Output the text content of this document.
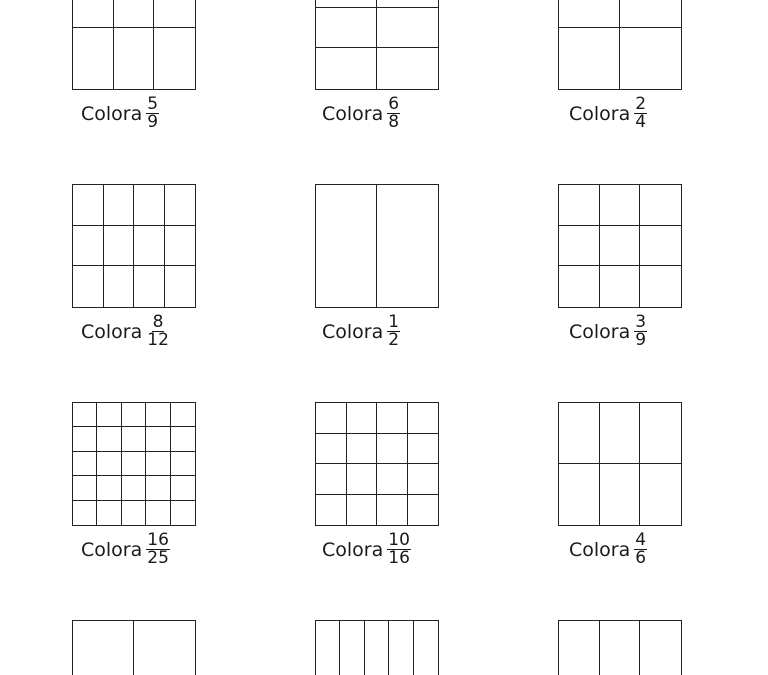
Colora $\frac{5}{9}$	Colora $\frac{6}{8}$	Colora $\frac{2}{4}$
Colora $\frac{8}{12}$	Colora $\frac{1}{2}$	Colora $\frac{3}{9}$
Colora $\frac{16}{25}$	Colora $\frac{10}{16}$	Colora $\frac{4}{6}$
